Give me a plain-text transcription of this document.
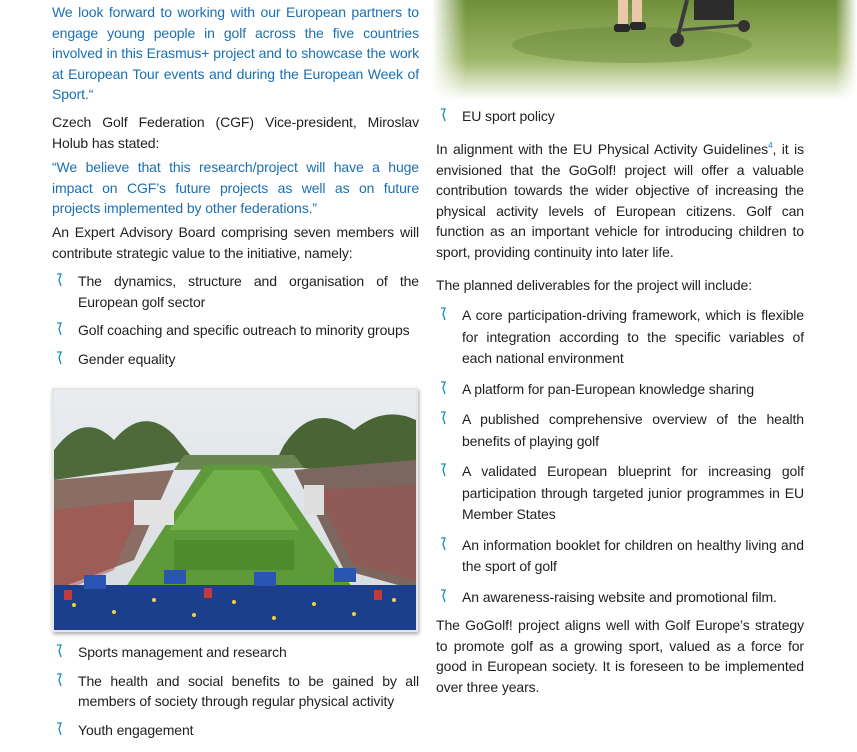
We look forward to working with our European partners to engage young people in golf across the five countries involved in this Erasmus+ project and to showcase the work at European Tour events and during the European Week of Sport.“

Czech Golf Federation (CGF) Vice-president, Miroslav Holub has stated:

“We believe that this research/project will have a huge impact on CGF’s future projects as well as on future projects implemented by other federations.”

An Expert Advisory Board comprising seven members will contribute strategic value to the initiative, namely:

The dynamics, structure and organisation of the European golf sector
Golf coaching and specific outreach to minority groups
Gender equality
Sports management and research
The health and social benefits to be gained by all members of society through regular physical activity
Youth engagement
EU sport policy

In alignment with the EU Physical Activity Guidelines$^4$, it is envisioned that the GoGolf! project will offer a valuable contribution towards the wider objective of increasing the physical activity levels of European citizens. Golf can function as an important vehicle for introducing children to sport, providing continuity into later life.

The planned deliverables for the project will include:

A core participation-driving framework, which is flexible for integration according to the specific variables of each national environment
A platform for pan-European knowledge sharing
A published comprehensive overview of the health benefits of playing golf
A validated European blueprint for increasing golf participation through targeted junior programmes in EU Member States
An information booklet for children on healthy living and the sport of golf
An awareness-raising website and promotional film.

The GoGolf! project aligns well with Golf Europe’s strategy to promote golf as a growing sport, valued as a force for good in European society. It is foreseen to be implemented over three years.
